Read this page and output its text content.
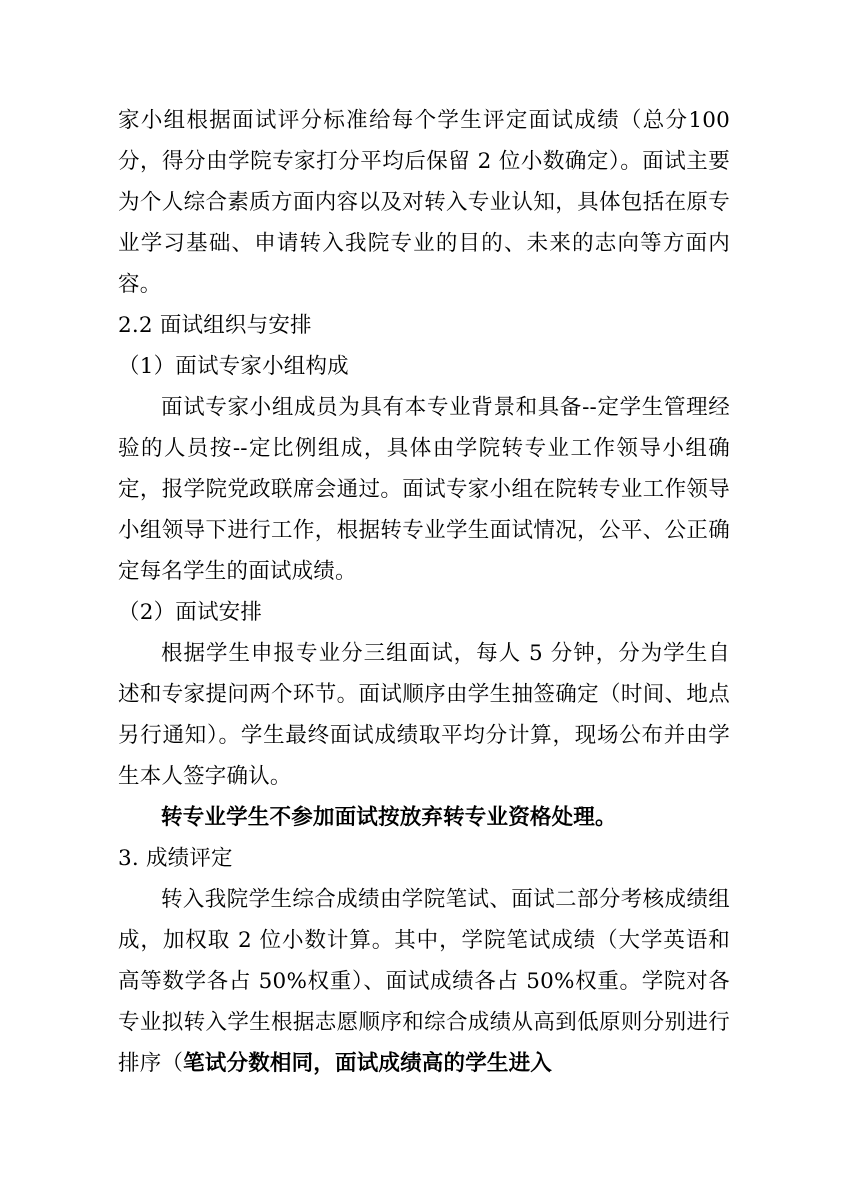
家小组根据面试评分标准给每个学生评定面试成绩（总分100 分，得分由学院专家打分平均后保留 2 位小数确定）。面试主要为个人综合素质方面内容以及对转入专业认知，具体包括在原专业学习基础、申请转入我院专业的目的、未来的志向等方面内容。

2.2 面试组织与安排

（1）面试专家小组构成

面试专家小组成员为具有本专业背景和具备--定学生管理经验的人员按--定比例组成，具体由学院转专业工作领导小组确定，报学院党政联席会通过。面试专家小组在院转专业工作领导小组领导下进行工作，根据转专业学生面试情况，公平、公正确定每名学生的面试成绩。

（2）面试安排

根据学生申报专业分三组面试，每人 5 分钟，分为学生自述和专家提问两个环节。面试顺序由学生抽签确定（时间、地点另行通知）。学生最终面试成绩取平均分计算，现场公布并由学生本人签字确认。

转专业学生不参加面试按放弃转专业资格处理。

3. 成绩评定

转入我院学生综合成绩由学院笔试、面试二部分考核成绩组成，加权取 2 位小数计算。其中，学院笔试成绩（大学英语和高等数学各占 50%权重）、面试成绩各占 50%权重。学院对各专业拟转入学生根据志愿顺序和综合成绩从高到低原则分别进行排序（笔试分数相同，面试成绩高的学生进入
